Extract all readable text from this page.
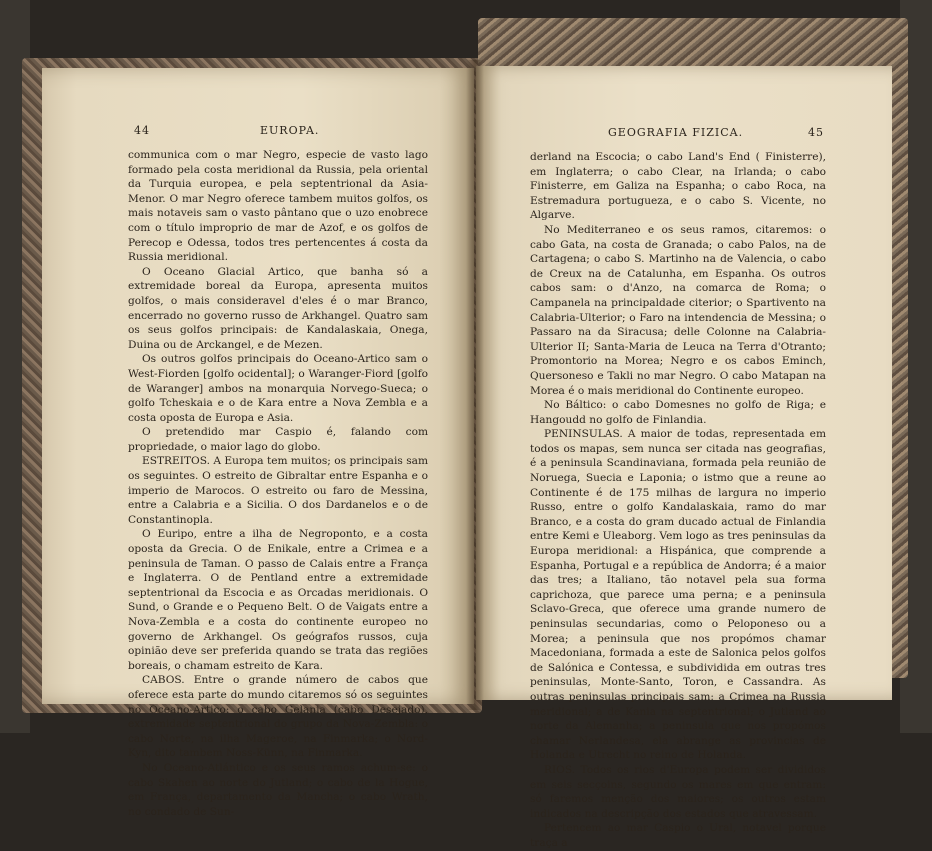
44	EUROPA.	GEOGRAFIA FIZICA.	45

communica com o mar Negro, especie de vasto lago formado pela costa meridional da Russia, pela oriental da Turquia europea, e pela septentrional da Asia-Menor. O mar Negro oferece tambem muitos golfos, os mais notaveis sam o vasto pântano que o uzo enobrece com o título improprio de mar de Azof, e os golfos de Perecop e Odessa, todos tres pertencentes á costa da Russia meridional.

O Oceano Glacial Artico, que banha só a extremidade boreal da Europa, apresenta muitos golfos, o mais consideravel d'eles é o mar Branco, encerrado no governo russo de Arkhangel. Quatro sam os seus golfos principais: de Kandalaskaia, Onega, Duina ou de Arckangel, e de Mezen.

Os outros golfos principais do Oceano-Artico sam o West-Fiorden [golfo ocidental]; o Waranger-Fiord [golfo de Waranger] ambos na monarquia Norvego-Sueca; o golfo Tcheskaia e o de Kara entre a Nova Zembla e a costa oposta de Europa e Asia.

O pretendido mar Caspio é, falando com propriedade, o maior lago do globo.

ESTREITOS. A Europa tem muitos; os principais sam os seguintes. O estreito de Gibraltar entre Espanha e o imperio de Marocos. O estreito ou faro de Messina, entre a Calabria e a Sicilia. O dos Dardanelos e o de Constantinopla.

O Euripo, entre a ilha de Negroponto, e a costa oposta da Grecia. O de Enikale, entre a Crimea e a peninsula de Taman. O passo de Calais entre a França e Inglaterra. O de Pentland entre a extremidade septentrional da Escocia e as Orcadas meridionais. O Sund, o Grande e o Pequeno Belt. O de Vaigats entre a Nova-Zembla e a costa do continente europeo no governo de Arkhangel. Os geógrafos russos, cuja opinião deve ser preferida quando se trata das regiões boreais, o chamam estreito de Kara.

CABOS. Entre o grande número de cabos que oferece esta parte do mundo citaremos só os seguintes no Oceano-Artico: o cabo Gelania (cabo Desejado), extremidade septentrional do grupo da Nova-Zembla: o cabo Norte, na ilha Mageroe, na Finmarka; o Nord-Kyn, dito tambem Noss-Künn, na Finmarka.

No Oceano-Atlántico e os seus ramos achum-se: o cabo Skahen ao norte do Jutland; o cabo de la Hogue, em França, departamento da Mancha; o cabo Wrath, no condado de Sun-

derland na Escocia; o cabo Land's End ( Finisterre), em Inglaterra; o cabo Clear, na Irlanda; o cabo Finisterre, em Galiza na Espanha; o cabo Roca, na Estremadura portugueza, e o cabo S. Vicente, no Algarve.

No Mediterraneo e os seus ramos, citaremos: o cabo Gata, na costa de Granada; o cabo Palos, na de Cartagena; o cabo S. Martinho na de Valencia, o cabo de Creux na de Catalunha, em Espanha. Os outros cabos sam: o d'Anzo, na comarca de Roma; o Campanela na principaldade citerior; o Spartivento na Calabria-Ulterior; o Faro na intendencia de Messina; o Passaro na da Siracusa; delle Colonne na Calabria-Ulterior II; Santa-Maria de Leuca na Terra d'Otranto; Promontorio na Morea; Negro e os cabos Eminch, Quersoneso e Takli no mar Negro. O cabo Matapan na Morea é o mais meridional do Continente europeo.

No Báltico: o cabo Domesnes no golfo de Riga; e Hangoudd no golfo de Finlandia.

PENINSULAS. A maior de todas, representada em todos os mapas, sem nunca ser citada nas geografias, é a peninsula Scandinaviana, formada pela reunião de Noruega, Suecia e Laponia; o istmo que a reune ao Continente é de 175 milhas de largura no imperio Russo, entre o golfo Kandalaskaia, ramo do mar Branco, e a costa do gram ducado actual de Finlandia entre Kemi e Uleaborg. Vem logo as tres peninsulas da Europa meridional: a Hispánica, que comprende a Espanha, Portugal e a república de Andorra; é a maior das tres; a Italiano, tão notavel pela sua forma caprichoza, que parece uma perna; e a peninsula Sclavo-Greca, que oferece uma grande numero de peninsulas secundarias, como o Peloponeso ou a Morea; a peninsula que nos propómos chamar Macedoniana, formada a este de Salonica pelos golfos de Salónica e Contessa, e subdividida em outras tres peninsulas, Monte-Santo, Toron, e Cassandra. As outras peninsulas principais sam: a Crimea na Russia meridional; a de Kania na septentrional; o Jutland ao norte da Alemanha; a peninsula que nos propómos chamar Nerlandesa, ela abrange as provincias de Holanda e Utrecht no reino de Holanda.

RIOS. Todos os rios d'Europa podem ser divididos em seis secçoins, segundo os mares em que entram: só faremos menção dos maiores; os outros estam indicados na descripção dos estados que atravessam.

Pertencem ao mar Caspio o Ural, notavel porque traça a
